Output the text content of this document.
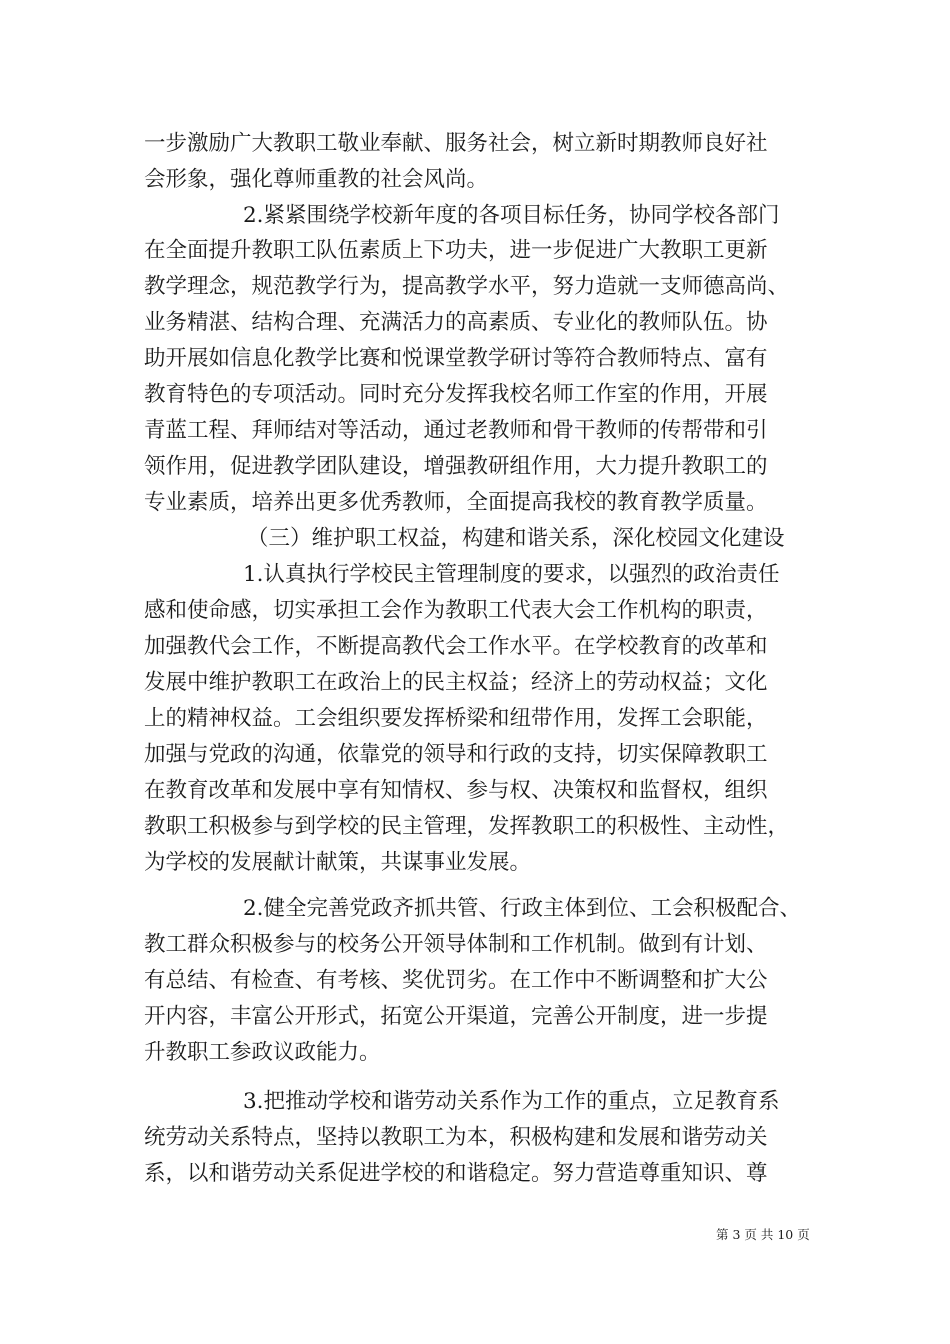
一步激励广大教职工敬业奉献、服务社会，树立新时期教师良好社
会形象，强化尊师重教的社会风尚。
2.紧紧围绕学校新年度的各项目标任务，协同学校各部门
在全面提升教职工队伍素质上下功夫，进一步促进广大教职工更新
教学理念，规范教学行为，提高教学水平，努力造就一支师德高尚、
业务精湛、结构合理、充满活力的高素质、专业化的教师队伍。协
助开展如信息化教学比赛和悦课堂教学研讨等符合教师特点、富有
教育特色的专项活动。同时充分发挥我校名师工作室的作用，开展
青蓝工程、拜师结对等活动，通过老教师和骨干教师的传帮带和引
领作用，促进教学团队建设，增强教研组作用，大力提升教职工的
专业素质，培养出更多优秀教师，全面提高我校的教育教学质量。
（三）维护职工权益，构建和谐关系，深化校园文化建设
1.认真执行学校民主管理制度的要求，以强烈的政治责任
感和使命感，切实承担工会作为教职工代表大会工作机构的职责，
加强教代会工作，不断提高教代会工作水平。在学校教育的改革和
发展中维护教职工在政治上的民主权益；经济上的劳动权益；文化
上的精神权益。工会组织要发挥桥梁和纽带作用，发挥工会职能，
加强与党政的沟通，依靠党的领导和行政的支持，切实保障教职工
在教育改革和发展中享有知情权、参与权、决策权和监督权，组织
教职工积极参与到学校的民主管理，发挥教职工的积极性、主动性，
为学校的发展献计献策，共谋事业发展。
2.健全完善党政齐抓共管、行政主体到位、工会积极配合、
教工群众积极参与的校务公开领导体制和工作机制。做到有计划、
有总结、有检查、有考核、奖优罚劣。在工作中不断调整和扩大公
开内容，丰富公开形式，拓宽公开渠道，完善公开制度，进一步提
升教职工参政议政能力。
3.把推动学校和谐劳动关系作为工作的重点，立足教育系
统劳动关系特点，坚持以教职工为本，积极构建和发展和谐劳动关
系，以和谐劳动关系促进学校的和谐稳定。努力营造尊重知识、尊
第 3 页 共 10 页
